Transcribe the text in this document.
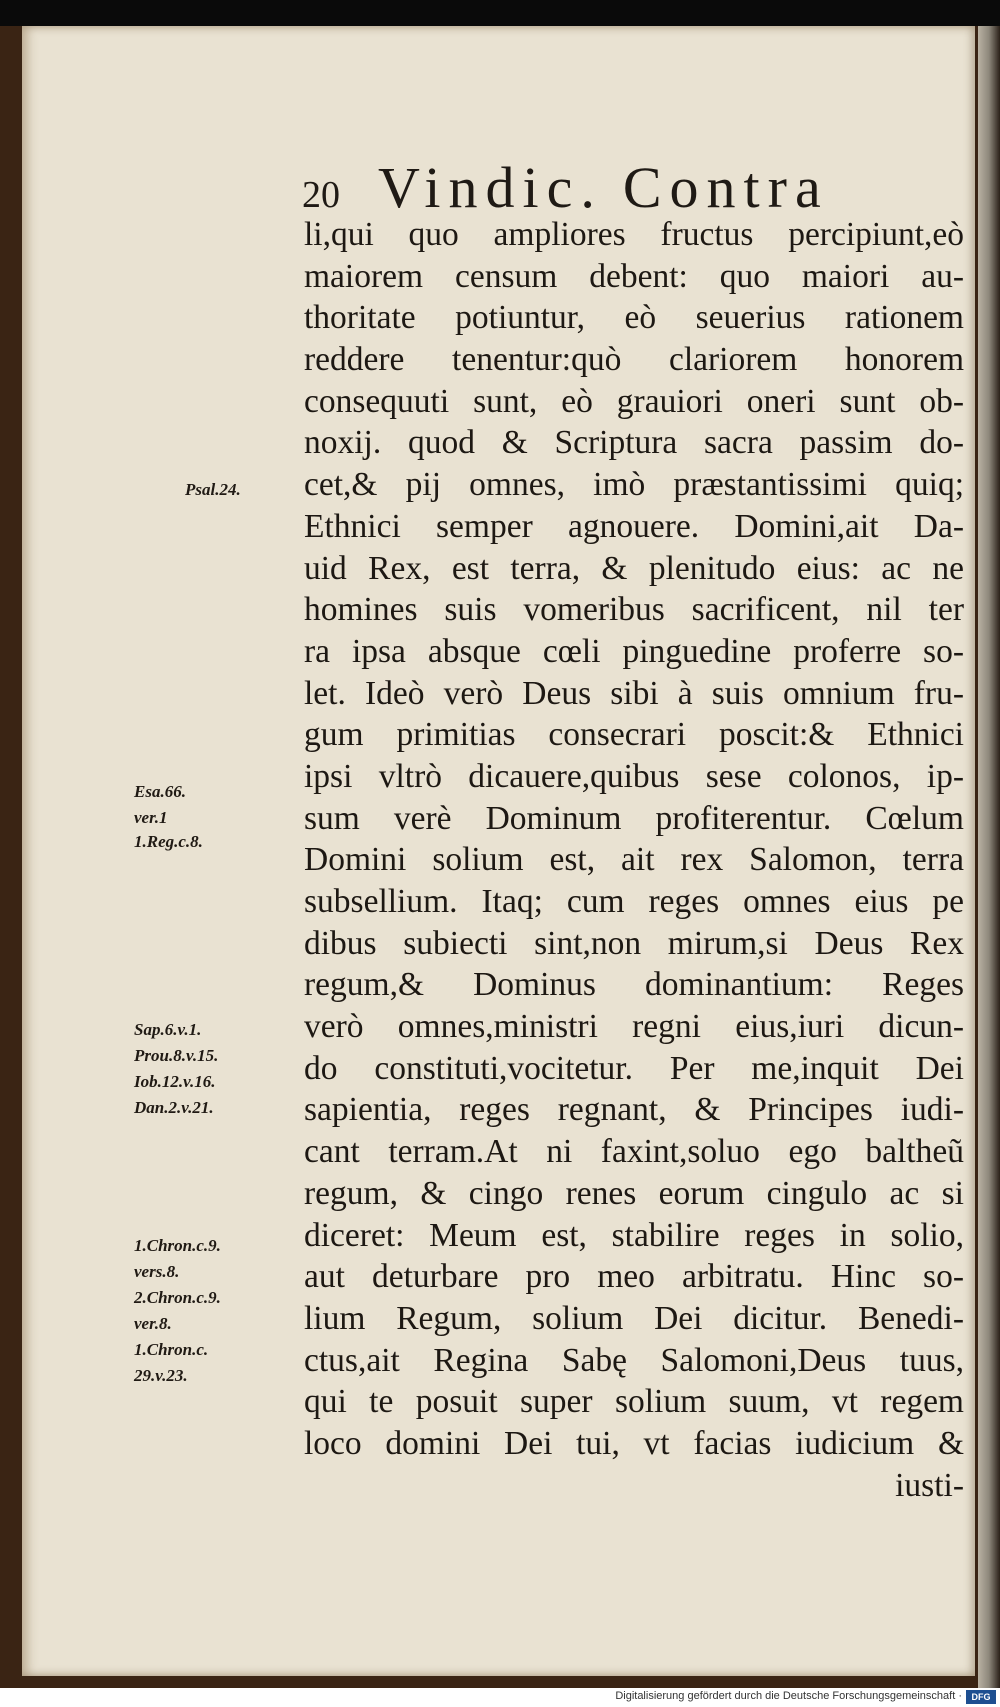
20 Vindic. Contra
li,qui quo ampliores fructus percipiunt,eò
maiorem censum debent: quo maiori au-
thoritate potiuntur, eò seuerius rationem
reddere tenentur:quò clariorem honorem
consequuti sunt, eò grauiori oneri sunt ob-
noxij. quod & Scriptura sacra passim do-
cet,& pij omnes, imò præstantissimi quiq;
Ethnici semper agnouere. Domini,ait Da-
uid Rex, est terra, & plenitudo eius: ac ne
homines suis vomeribus sacrificent, nil ter
ra ipsa absque cœli pinguedine proferre so-
let. Ideò verò Deus sibi à suis omnium fru-
gum primitias consecrari poscit:& Ethnici
ipsi vltrò dicauere,quibus sese colonos, ip-
sum verè Dominum profiterentur. Cœlum
Domini solium est, ait rex Salomon, terra
subsellium. Itaq; cum reges omnes eius pe
dibus subiecti sint,non mirum,si Deus Rex
regum,& Dominus dominantium: Reges
verò omnes,ministri regni eius,iuri dicun-
do constituti,vocitetur. Per me,inquit Dei
sapientia, reges regnant, & Principes iudi-
cant terram.At ni faxint,soluo ego baltheũ
regum, & cingo renes eorum cingulo ac si
diceret: Meum est, stabilire reges in solio,
aut deturbare pro meo arbitratu. Hinc so-
lium Regum, solium Dei dicitur. Benedi-
ctus,ait Regina Sabę Salomoni,Deus tuus,
qui te posuit super solium suum, vt regem
loco domini Dei tui, vt facias iudicium &
iusti-
Psal.24.
Esa.66.
ver.1
1.Reg.c.8.
Sap.6.v.1.
Prou.8.v.15.
Iob.12.v.16.
Dan.2.v.21.
1.Chron.c.9.
vers.8.
2.Chron.c.9.
ver.8.
1.Chron.c.
29.v.23.
Digitalisierung gefördert durch die Deutsche Forschungsgemeinschaft ·	DFG
